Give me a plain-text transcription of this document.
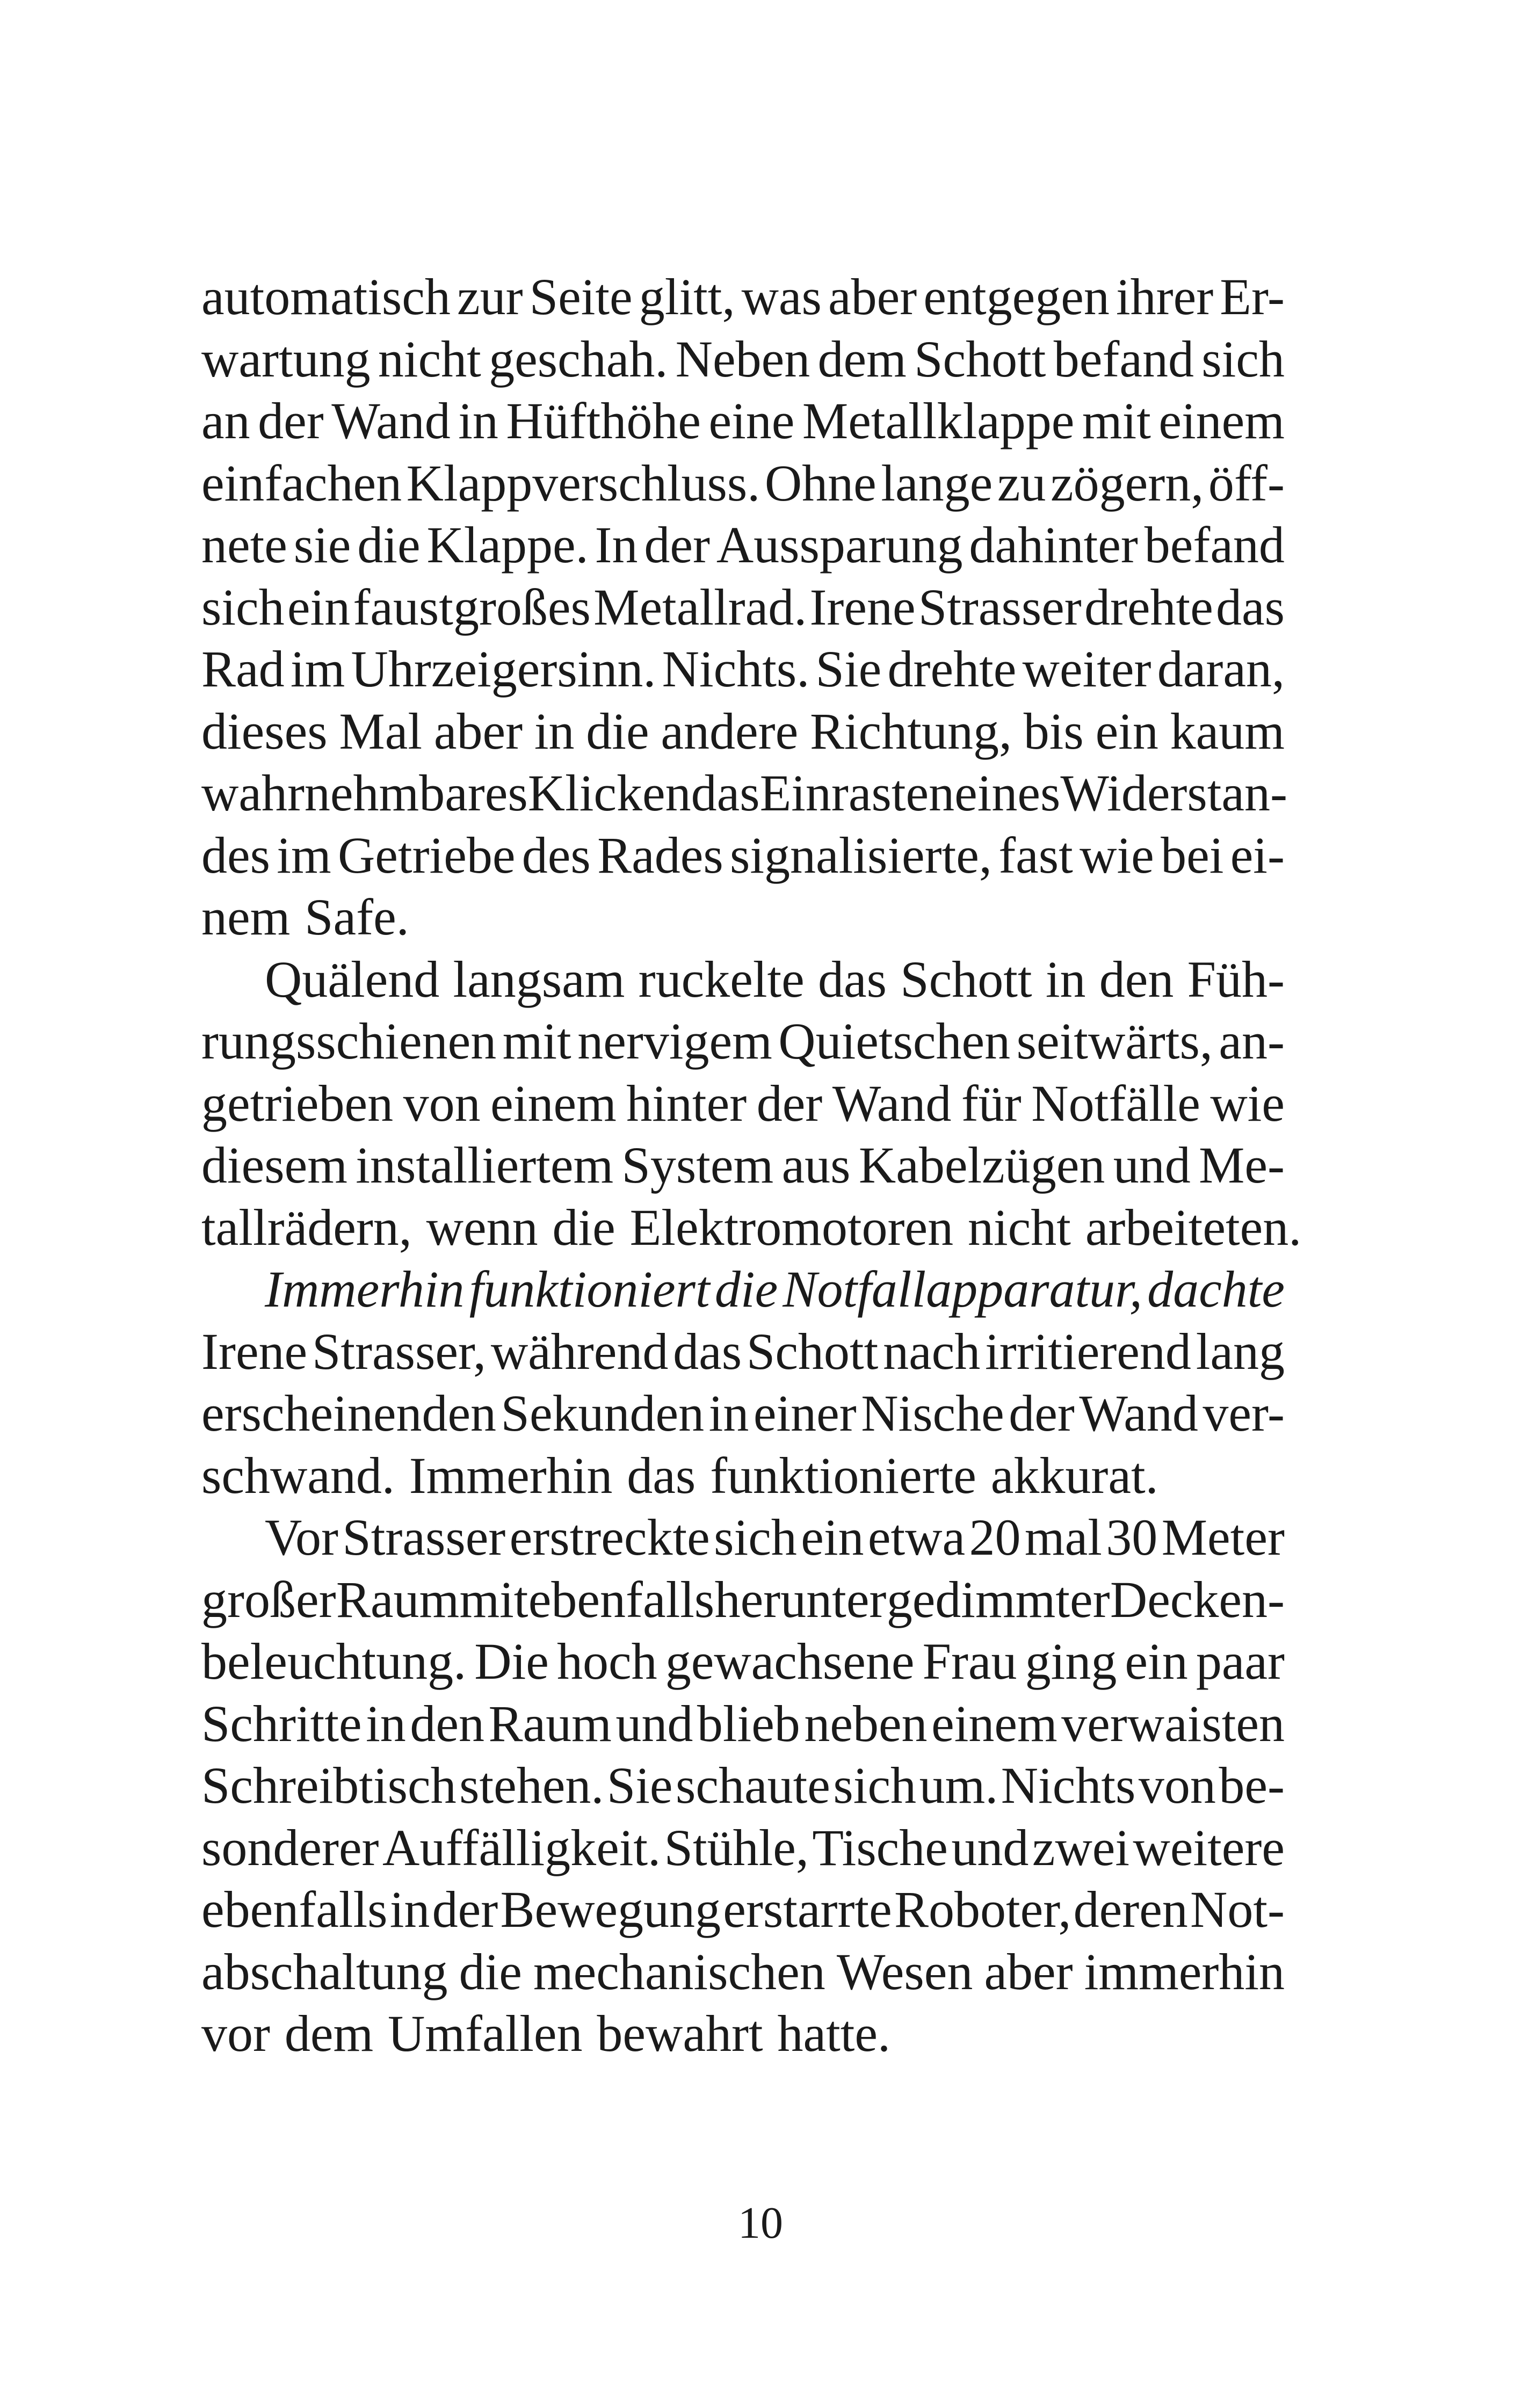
automatisch zur Seite glitt, was aber entgegen ihrer Er-
wartung nicht geschah. Neben dem Schott befand sich
an der Wand in Hüfthöhe eine Metallklappe mit einem
einfachen Klappverschluss. Ohne lange zu zögern, öff-
nete sie die Klappe. In der Aussparung dahinter befand
sich ein faustgroßes Metallrad. Irene Strasser drehte das
Rad im Uhrzeigersinn. Nichts. Sie drehte weiter daran,
dieses Mal aber in die andere Richtung, bis ein kaum
wahrnehmbares Klicken das Einrasten eines Widerstan-
des im Getriebe des Rades signalisierte, fast wie bei ei-
nem Safe.
Quälend langsam ruckelte das Schott in den Füh-
rungsschienen mit nervigem Quietschen seitwärts, an-
getrieben von einem hinter der Wand für Notfälle wie
diesem installiertem System aus Kabelzügen und Me-
tallrädern, wenn die Elektromotoren nicht arbeiteten.
Immerhin funktioniert die Notfallapparatur, dachte
Irene Strasser, während das Schott nach irritierend lang
erscheinenden Sekunden in einer Nische der Wand ver-
schwand. Immerhin das funktionierte akkurat.
Vor Strasser erstreckte sich ein etwa 20 mal 30 Meter
großer Raum mit ebenfalls herunter gedimmter Decken-
beleuchtung. Die hoch gewachsene Frau ging ein paar
Schritte in den Raum und blieb neben einem verwaisten
Schreibtisch stehen. Sie schaute sich um. Nichts von be-
sonderer Auffälligkeit. Stühle, Tische und zwei weitere
ebenfalls in der Bewegung erstarrte Roboter, deren Not-
abschaltung die mechanischen Wesen aber immerhin
vor dem Umfallen bewahrt hatte.
10
